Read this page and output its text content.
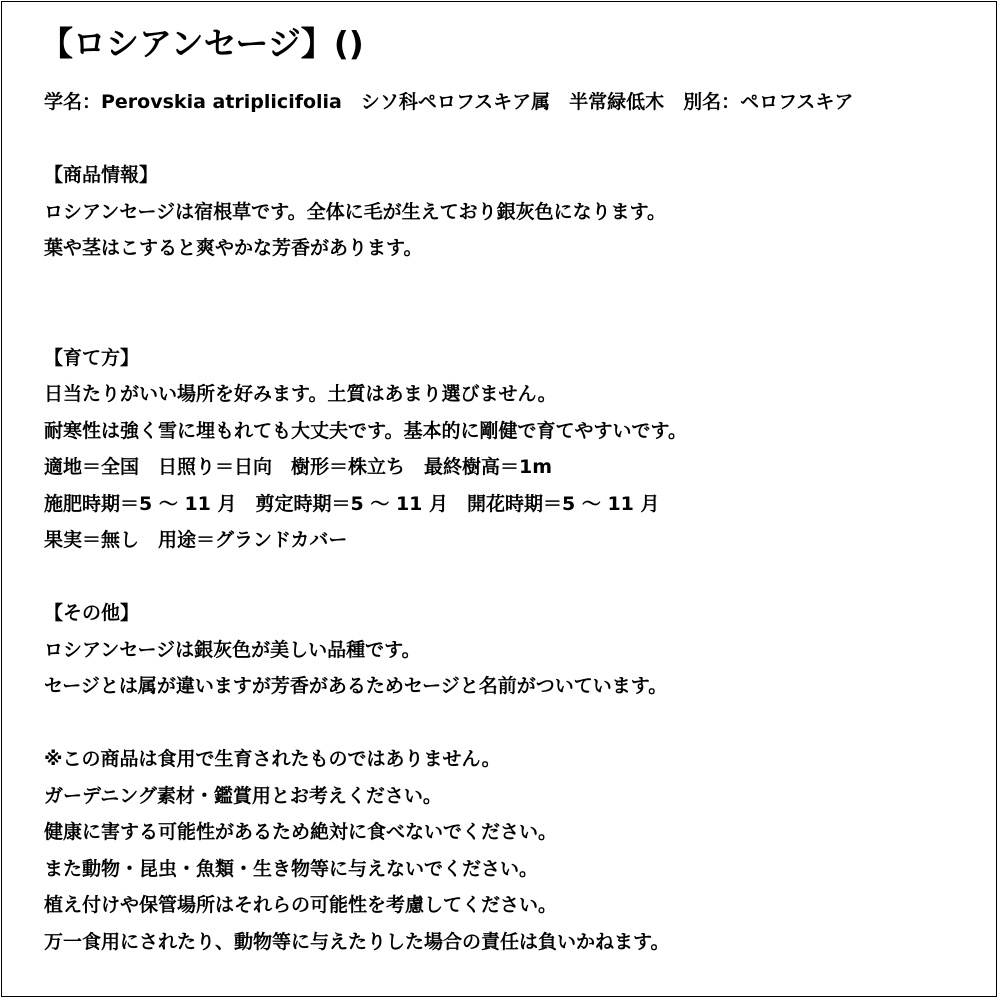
【ロシアンセージ】()
学名：Perovskia atriplicifolia　シソ科ペロフスキア属　半常緑低木　別名：ペロフスキア
【商品情報】
ロシアンセージは宿根草です。全体に毛が生えており銀灰色になります。
葉や茎はこすると爽やかな芳香があります。
【育て方】
日当たりがいい場所を好みます。土質はあまり選びません。
耐寒性は強く雪に埋もれても大丈夫です。基本的に剛健で育てやすいです。
適地＝全国　日照り＝日向　樹形＝株立ち　最終樹高＝1m
施肥時期＝5 ～ 11 月　剪定時期＝5 ～ 11 月　開花時期＝5 ～ 11 月
果実＝無し　用途＝グランドカバー
【その他】
ロシアンセージは銀灰色が美しい品種です。
セージとは属が違いますが芳香があるためセージと名前がついています。
※この商品は食用で生育されたものではありません。
ガーデニング素材・鑑賞用とお考えください。
健康に害する可能性があるため絶対に食べないでください。
また動物・昆虫・魚類・生き物等に与えないでください。
植え付けや保管場所はそれらの可能性を考慮してください。
万一食用にされたり、動物等に与えたりした場合の責任は負いかねます。
